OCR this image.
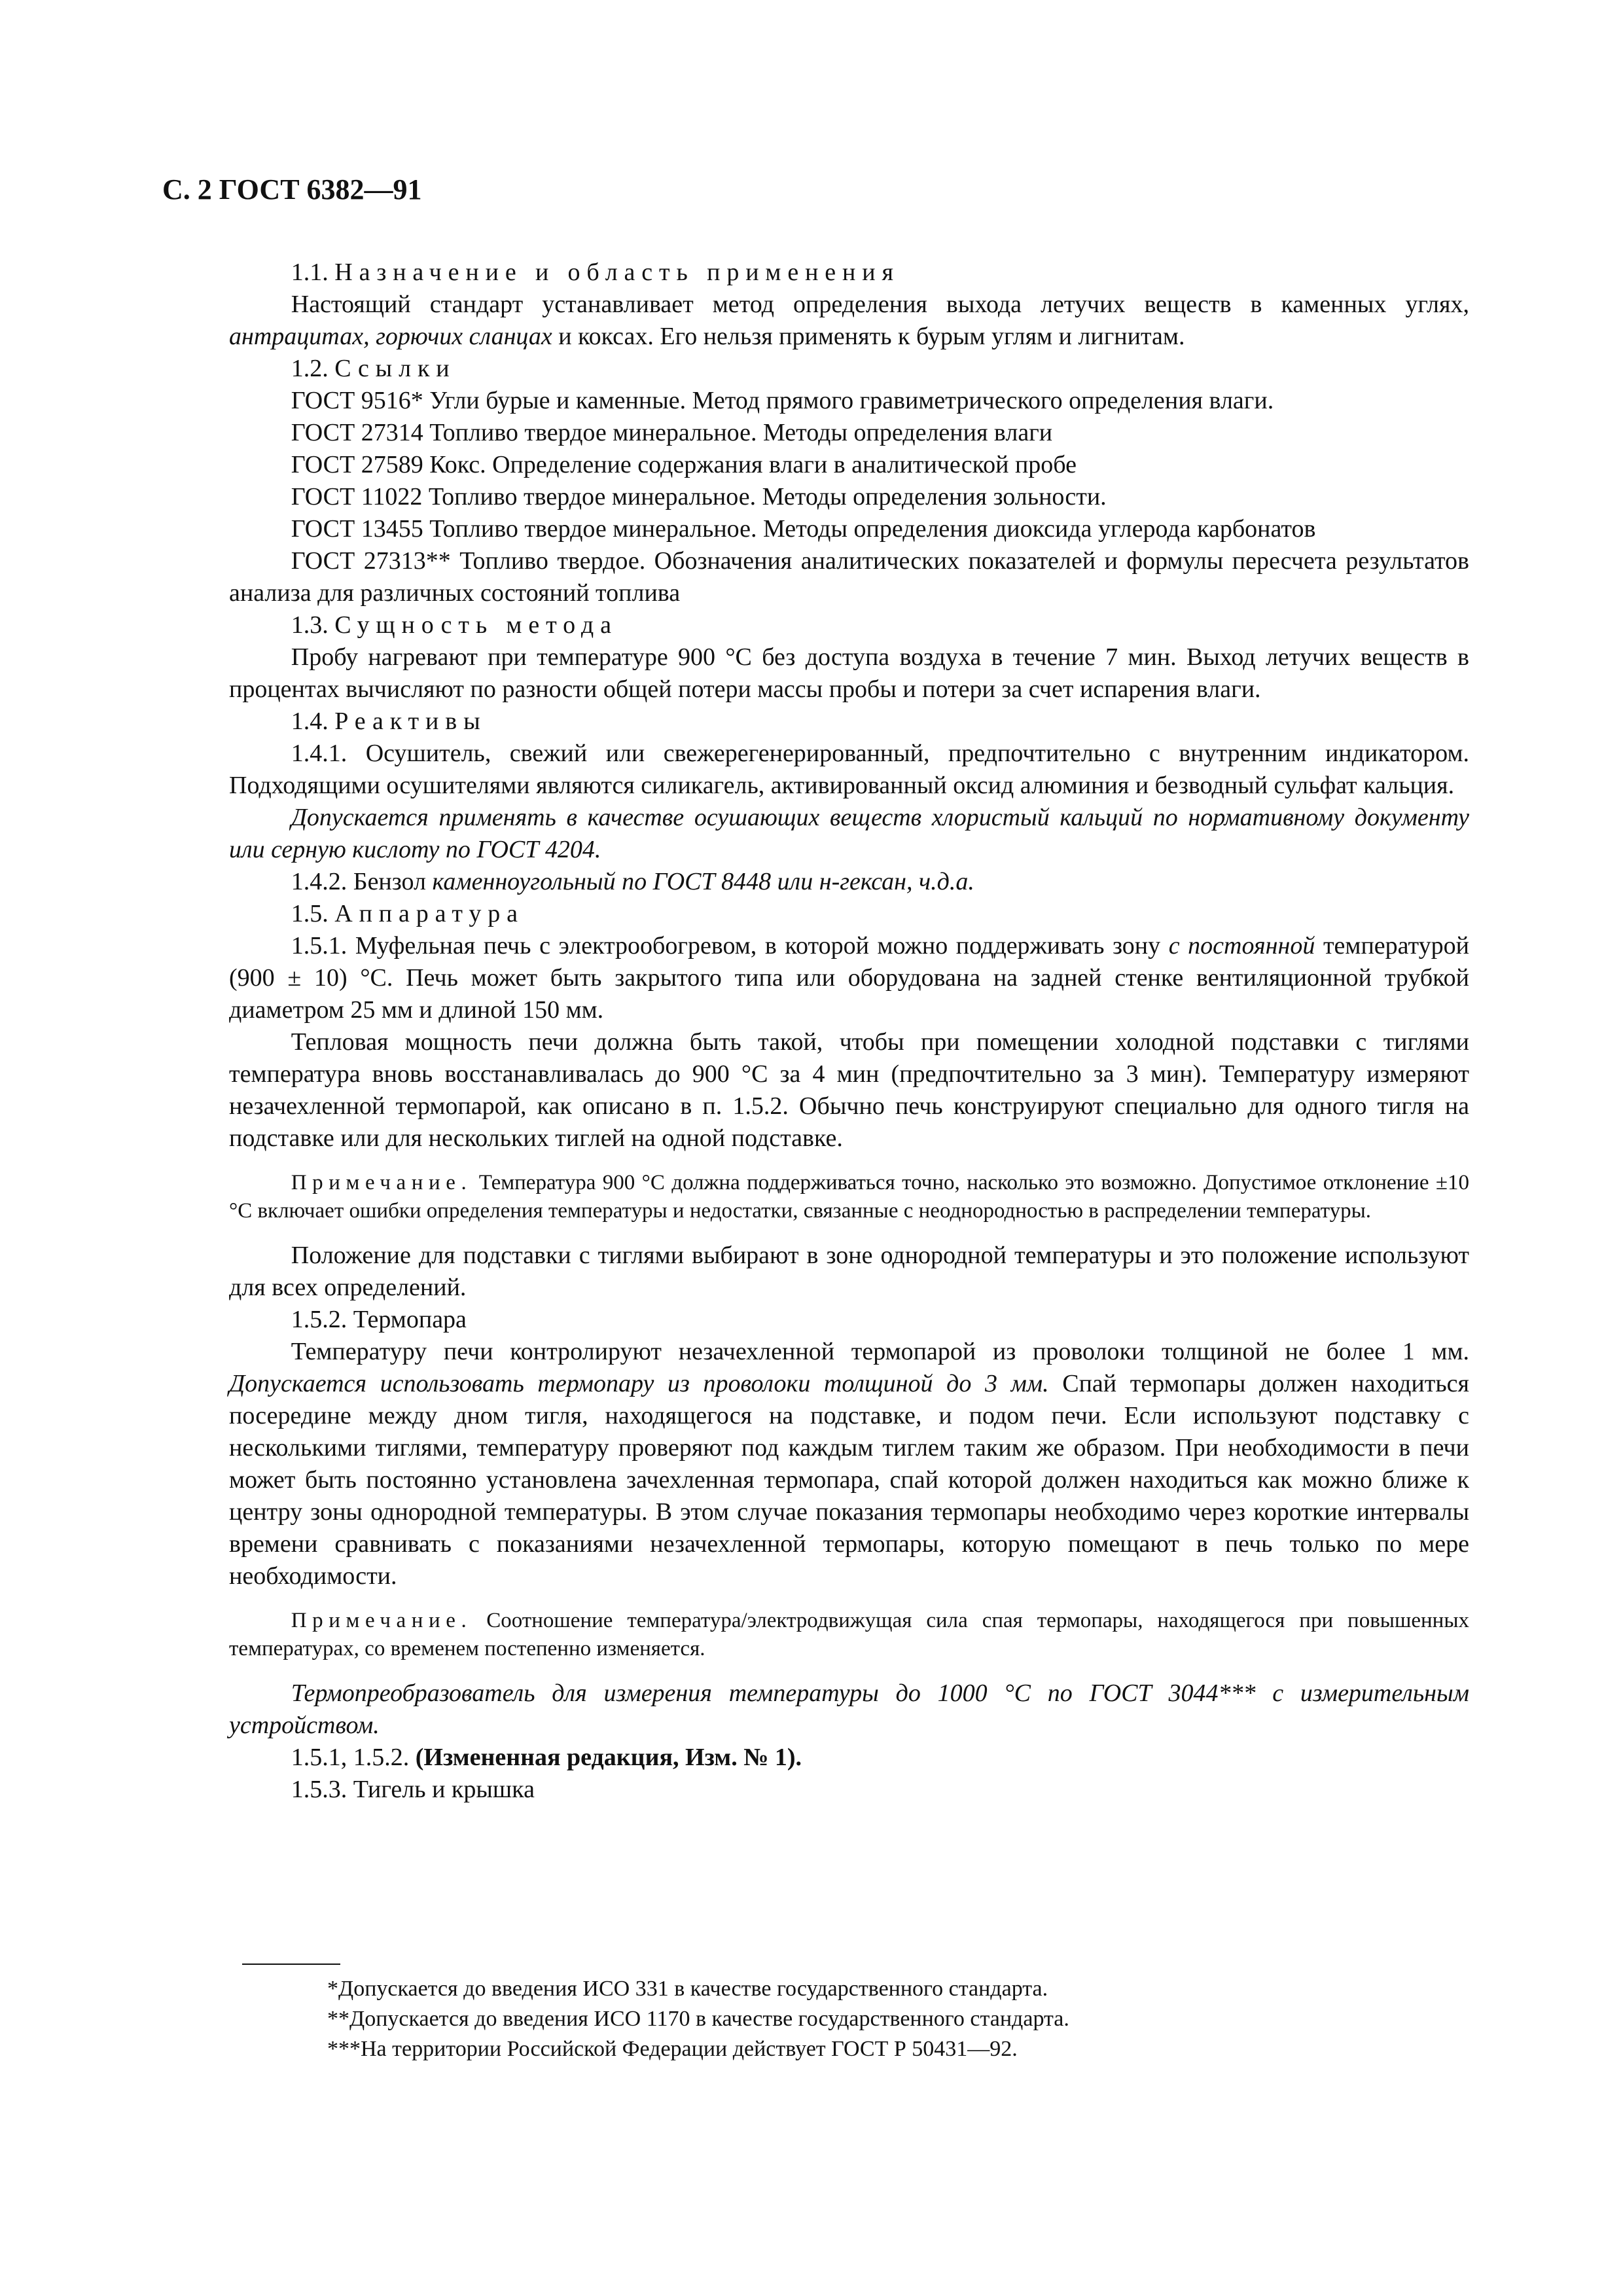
С. 2 ГОСТ 6382—91

1.1. Назначение и область применения

Настоящий стандарт устанавливает метод определения выхода летучих веществ в каменных углях, антрацитах, горючих сланцах и коксах. Его нельзя применять к бурым углям и лигнитам.

1.2. Ссылки

ГОСТ 9516* Угли бурые и каменные. Метод прямого гравиметрического определения влаги.

ГОСТ 27314 Топливо твердое минеральное. Методы определения влаги

ГОСТ 27589 Кокс. Определение содержания влаги в аналитической пробе

ГОСТ 11022 Топливо твердое минеральное. Методы определения зольности.

ГОСТ 13455 Топливо твердое минеральное. Методы определения диоксида углерода карбонатов

ГОСТ 27313** Топливо твердое. Обозначения аналитических показателей и формулы пересчета результатов анализа для различных состояний топлива

1.3. Сущность метода

Пробу нагревают при температуре 900 °С без доступа воздуха в течение 7 мин. Выход летучих веществ в процентах вычисляют по разности общей потери массы пробы и потери за счет испарения влаги.

1.4. Реактивы

1.4.1. Осушитель, свежий или свежерегенерированный, предпочтительно с внутренним индикатором. Подходящими осушителями являются силикагель, активированный оксид алюминия и безводный сульфат кальция.

Допускается применять в качестве осушающих веществ хлористый кальций по нормативному документу или серную кислоту по ГОСТ 4204.

1.4.2. Бензол каменноугольный по ГОСТ 8448 или н-гексан, ч.д.а.

1.5. Аппаратура

1.5.1. Муфельная печь с электрообогревом, в которой можно поддерживать зону с постоянной температурой (900 ± 10) °С. Печь может быть закрытого типа или оборудована на задней стенке вентиляционной трубкой диаметром 25 мм и длиной 150 мм.

Тепловая мощность печи должна быть такой, чтобы при помещении холодной подставки с тиглями температура вновь восстанавливалась до 900 °С за 4 мин (предпочтительно за 3 мин). Температуру измеряют незачехленной термопарой, как описано в п. 1.5.2. Обычно печь конструируют специально для одного тигля на подставке или для нескольких тиглей на одной подставке.

Примечание. Температура 900 °С должна поддерживаться точно, насколько это возможно. Допустимое отклонение ±10 °С включает ошибки определения температуры и недостатки, связанные с неоднородностью в распределении температуры.

Положение для подставки с тиглями выбирают в зоне однородной температуры и это положение используют для всех определений.

1.5.2. Термопара

Температуру печи контролируют незачехленной термопарой из проволоки толщиной не более 1 мм. Допускается использовать термопару из проволоки толщиной до 3 мм. Спай термопары должен находиться посередине между дном тигля, находящегося на подставке, и подом печи. Если используют подставку с несколькими тиглями, температуру проверяют под каждым тиглем таким же образом. При необходимости в печи может быть постоянно установлена зачехленная термопара, спай которой должен находиться как можно ближе к центру зоны однородной температуры. В этом случае показания термопары необходимо через короткие интервалы времени сравнивать с показаниями незачехленной термопары, которую помещают в печь только по мере необходимости.

Примечание. Соотношение температура/электродвижущая сила спая термопары, находящегося при повышенных температурах, со временем постепенно изменяется.

Термопреобразователь для измерения температуры до 1000 °С по ГОСТ 3044*** с измерительным устройством.

1.5.1, 1.5.2. (Измененная редакция, Изм. № 1).

1.5.3. Тигель и крышка

*Допускается до введения ИСО 331 в качестве государственного стандарта.

**Допускается до введения ИСО 1170 в качестве государственного стандарта.

***На территории Российской Федерации действует ГОСТ Р 50431—92.
